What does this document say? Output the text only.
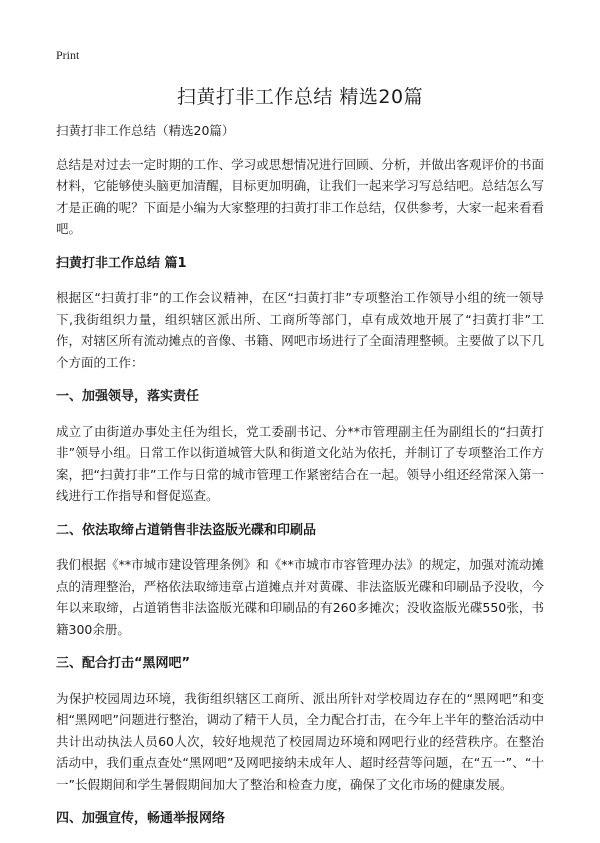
Print
扫黄打非工作总结 精选20篇
扫黄打非工作总结（精选20篇）

总结是对过去一定时期的工作、学习或思想情况进行回顾、分析，并做出客观评价的书面材料，它能够使头脑更加清醒，目标更加明确，让我们一起来学习写总结吧。总结怎么写才是正确的呢？下面是小编为大家整理的扫黄打非工作总结，仅供参考，大家一起来看看吧。

扫黄打非工作总结 篇1

根据区“扫黄打非”的工作会议精神，在区“扫黄打非”专项整治工作领导小组的统一领导下,我街组织力量，组织辖区派出所、工商所等部门，卓有成效地开展了“扫黄打非”工作，对辖区所有流动摊点的音像、书籍、网吧市场进行了全面清理整顿。主要做了以下几个方面的工作：

一、加强领导，落实责任

成立了由街道办事处主任为组长，党工委副书记、分**市管理副主任为副组长的“扫黄打非”领导小组。日常工作以街道城管大队和街道文化站为依托，并制订了专项整治工作方案，把“扫黄打非”工作与日常的城市管理工作紧密结合在一起。领导小组还经常深入第一线进行工作指导和督促巡查。

二、依法取缔占道销售非法盗版光碟和印刷品

我们根据《**市城市建设管理条例》和《**市城市市容管理办法》的规定，加强对流动摊点的清理整治，严格依法取缔违章占道摊点并对黄碟、非法盗版光碟和印刷品予没收，今年以来取缔，占道销售非法盗版光碟和印刷品的有260多摊次；没收盗版光碟550张，书籍300余册。

三、配合打击“黑网吧”

为保护校园周边环境，我街组织辖区工商所、派出所针对学校周边存在的“黑网吧”和变相“黑网吧”问题进行整治，调动了精干人员，全力配合打击，在今年上半年的整治活动中共计出动执法人员60人次，较好地规范了校园周边环境和网吧行业的经营秩序。在整治活动中，我们重点查处“黑网吧”及网吧接纳未成年人、超时经营等问题，在“五一”、“十一”长假期间和学生暑假期间加大了整治和检查力度，确保了文化市场的健康发展。

四、加强宣传，畅通举报网络
